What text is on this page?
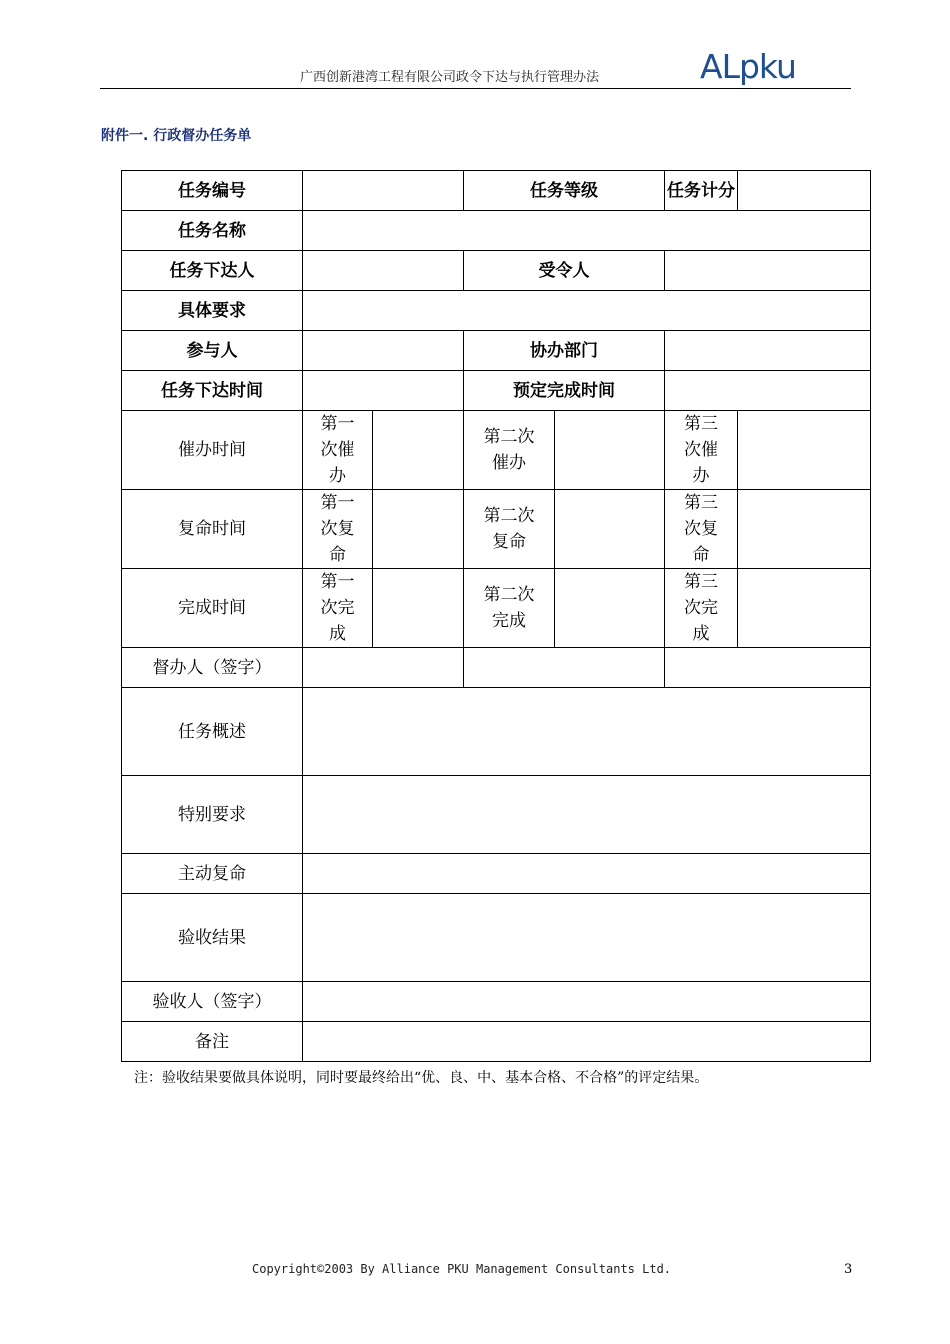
广西创新港湾工程有限公司政令下达与执行管理办法	ALpku
附件一. 行政督办任务单
任务编号			任务等级		任务计分	
任务名称						
任务下达人			受令人			
具体要求						
参与人			协办部门			
任务下达时间			预定完成时间			
催办时间	第一次催办		第二次催办		第三次催办	
复命时间	第一次复命		第二次复命		第三次复命	
完成时间	第一次完成		第二次完成		第三次完成	
督办人（签字）						
任务概述						
特别要求						
主动复命						
验收结果						
验收人（签字）						
备注						
注：验收结果要做具体说明，同时要最终给出“优、良、中、基本合格、不合格”的评定结果。
Copyright©2003 By Alliance PKU Management Consultants Ltd.	3
